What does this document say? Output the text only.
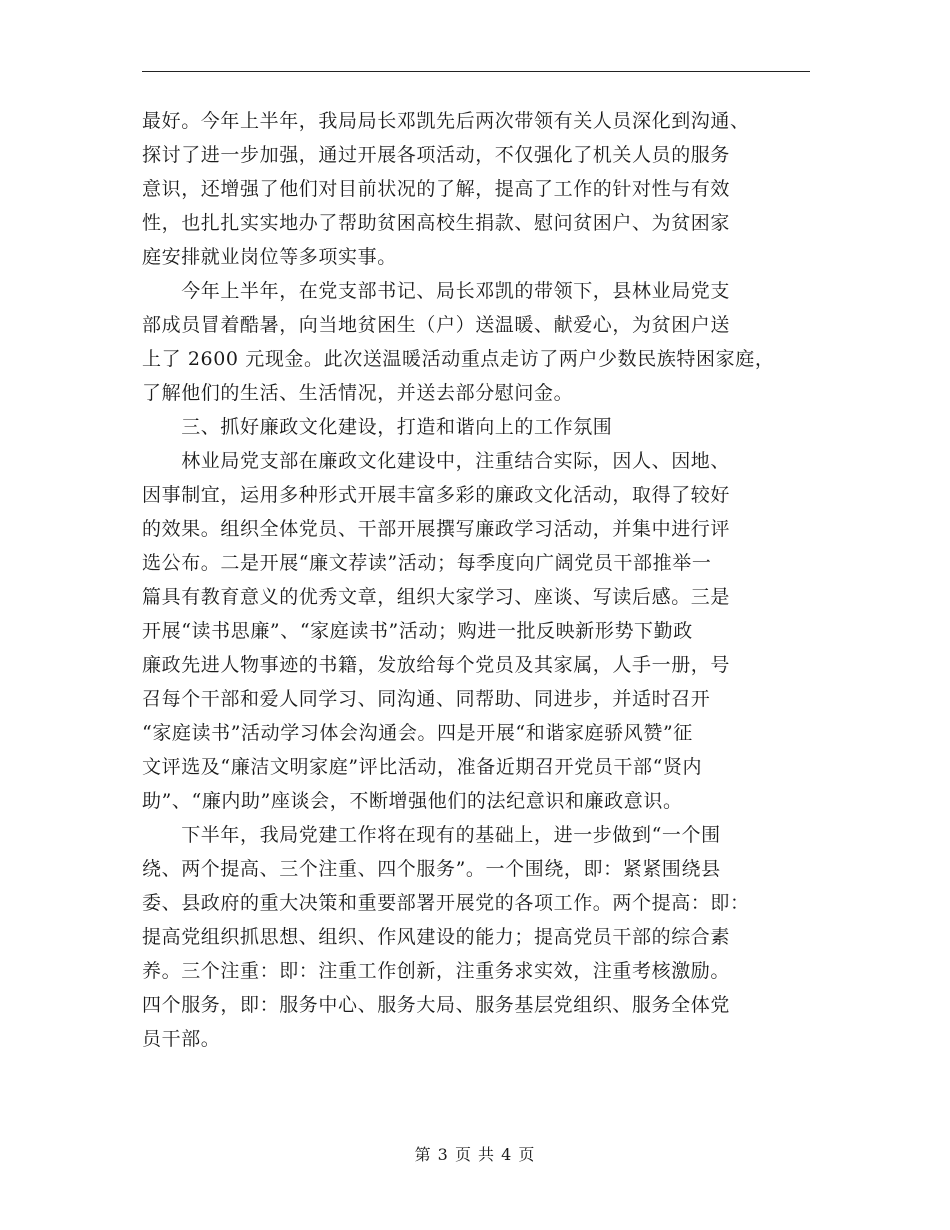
最好。今年上半年，我局局长邓凯先后两次带领有关人员深化到沟通、
探讨了进一步加强，通过开展各项活动，不仅强化了机关人员的服务
意识，还增强了他们对目前状况的了解，提高了工作的针对性与有效
性，也扎扎实实地办了帮助贫困高校生捐款、慰问贫困户、为贫困家
庭安排就业岗位等多项实事。
　　今年上半年，在党支部书记、局长邓凯的带领下，县林业局党支
部成员冒着酷暑，向当地贫困生（户）送温暖、献爱心，为贫困户送
上了 2600 元现金。此次送温暖活动重点走访了两户少数民族特困家庭，
了解他们的生活、生活情况，并送去部分慰问金。
　　三、抓好廉政文化建设，打造和谐向上的工作氛围
　　林业局党支部在廉政文化建设中，注重结合实际，因人、因地、
因事制宜，运用多种形式开展丰富多彩的廉政文化活动，取得了较好
的效果。组织全体党员、干部开展撰写廉政学习活动，并集中进行评
选公布。二是开展“廉文荐读”活动；每季度向广阔党员干部推举一
篇具有教育意义的优秀文章，组织大家学习、座谈、写读后感。三是
开展“读书思廉”、“家庭读书”活动；购进一批反映新形势下勤政
廉政先进人物事迹的书籍，发放给每个党员及其家属，人手一册，号
召每个干部和爱人同学习、同沟通、同帮助、同进步，并适时召开
“家庭读书”活动学习体会沟通会。四是开展“和谐家庭骄风赞”征
文评选及“廉洁文明家庭”评比活动，准备近期召开党员干部“贤内
助”、“廉内助”座谈会，不断增强他们的法纪意识和廉政意识。
　　下半年，我局党建工作将在现有的基础上，进一步做到“一个围
绕、两个提高、三个注重、四个服务”。一个围绕，即：紧紧围绕县
委、县政府的重大决策和重要部署开展党的各项工作。两个提高：即：
提高党组织抓思想、组织、作风建设的能力；提高党员干部的综合素
养。三个注重：即：注重工作创新，注重务求实效，注重考核激励。
四个服务，即：服务中心、服务大局、服务基层党组织、服务全体党
员干部。
第 3 页 共 4 页
